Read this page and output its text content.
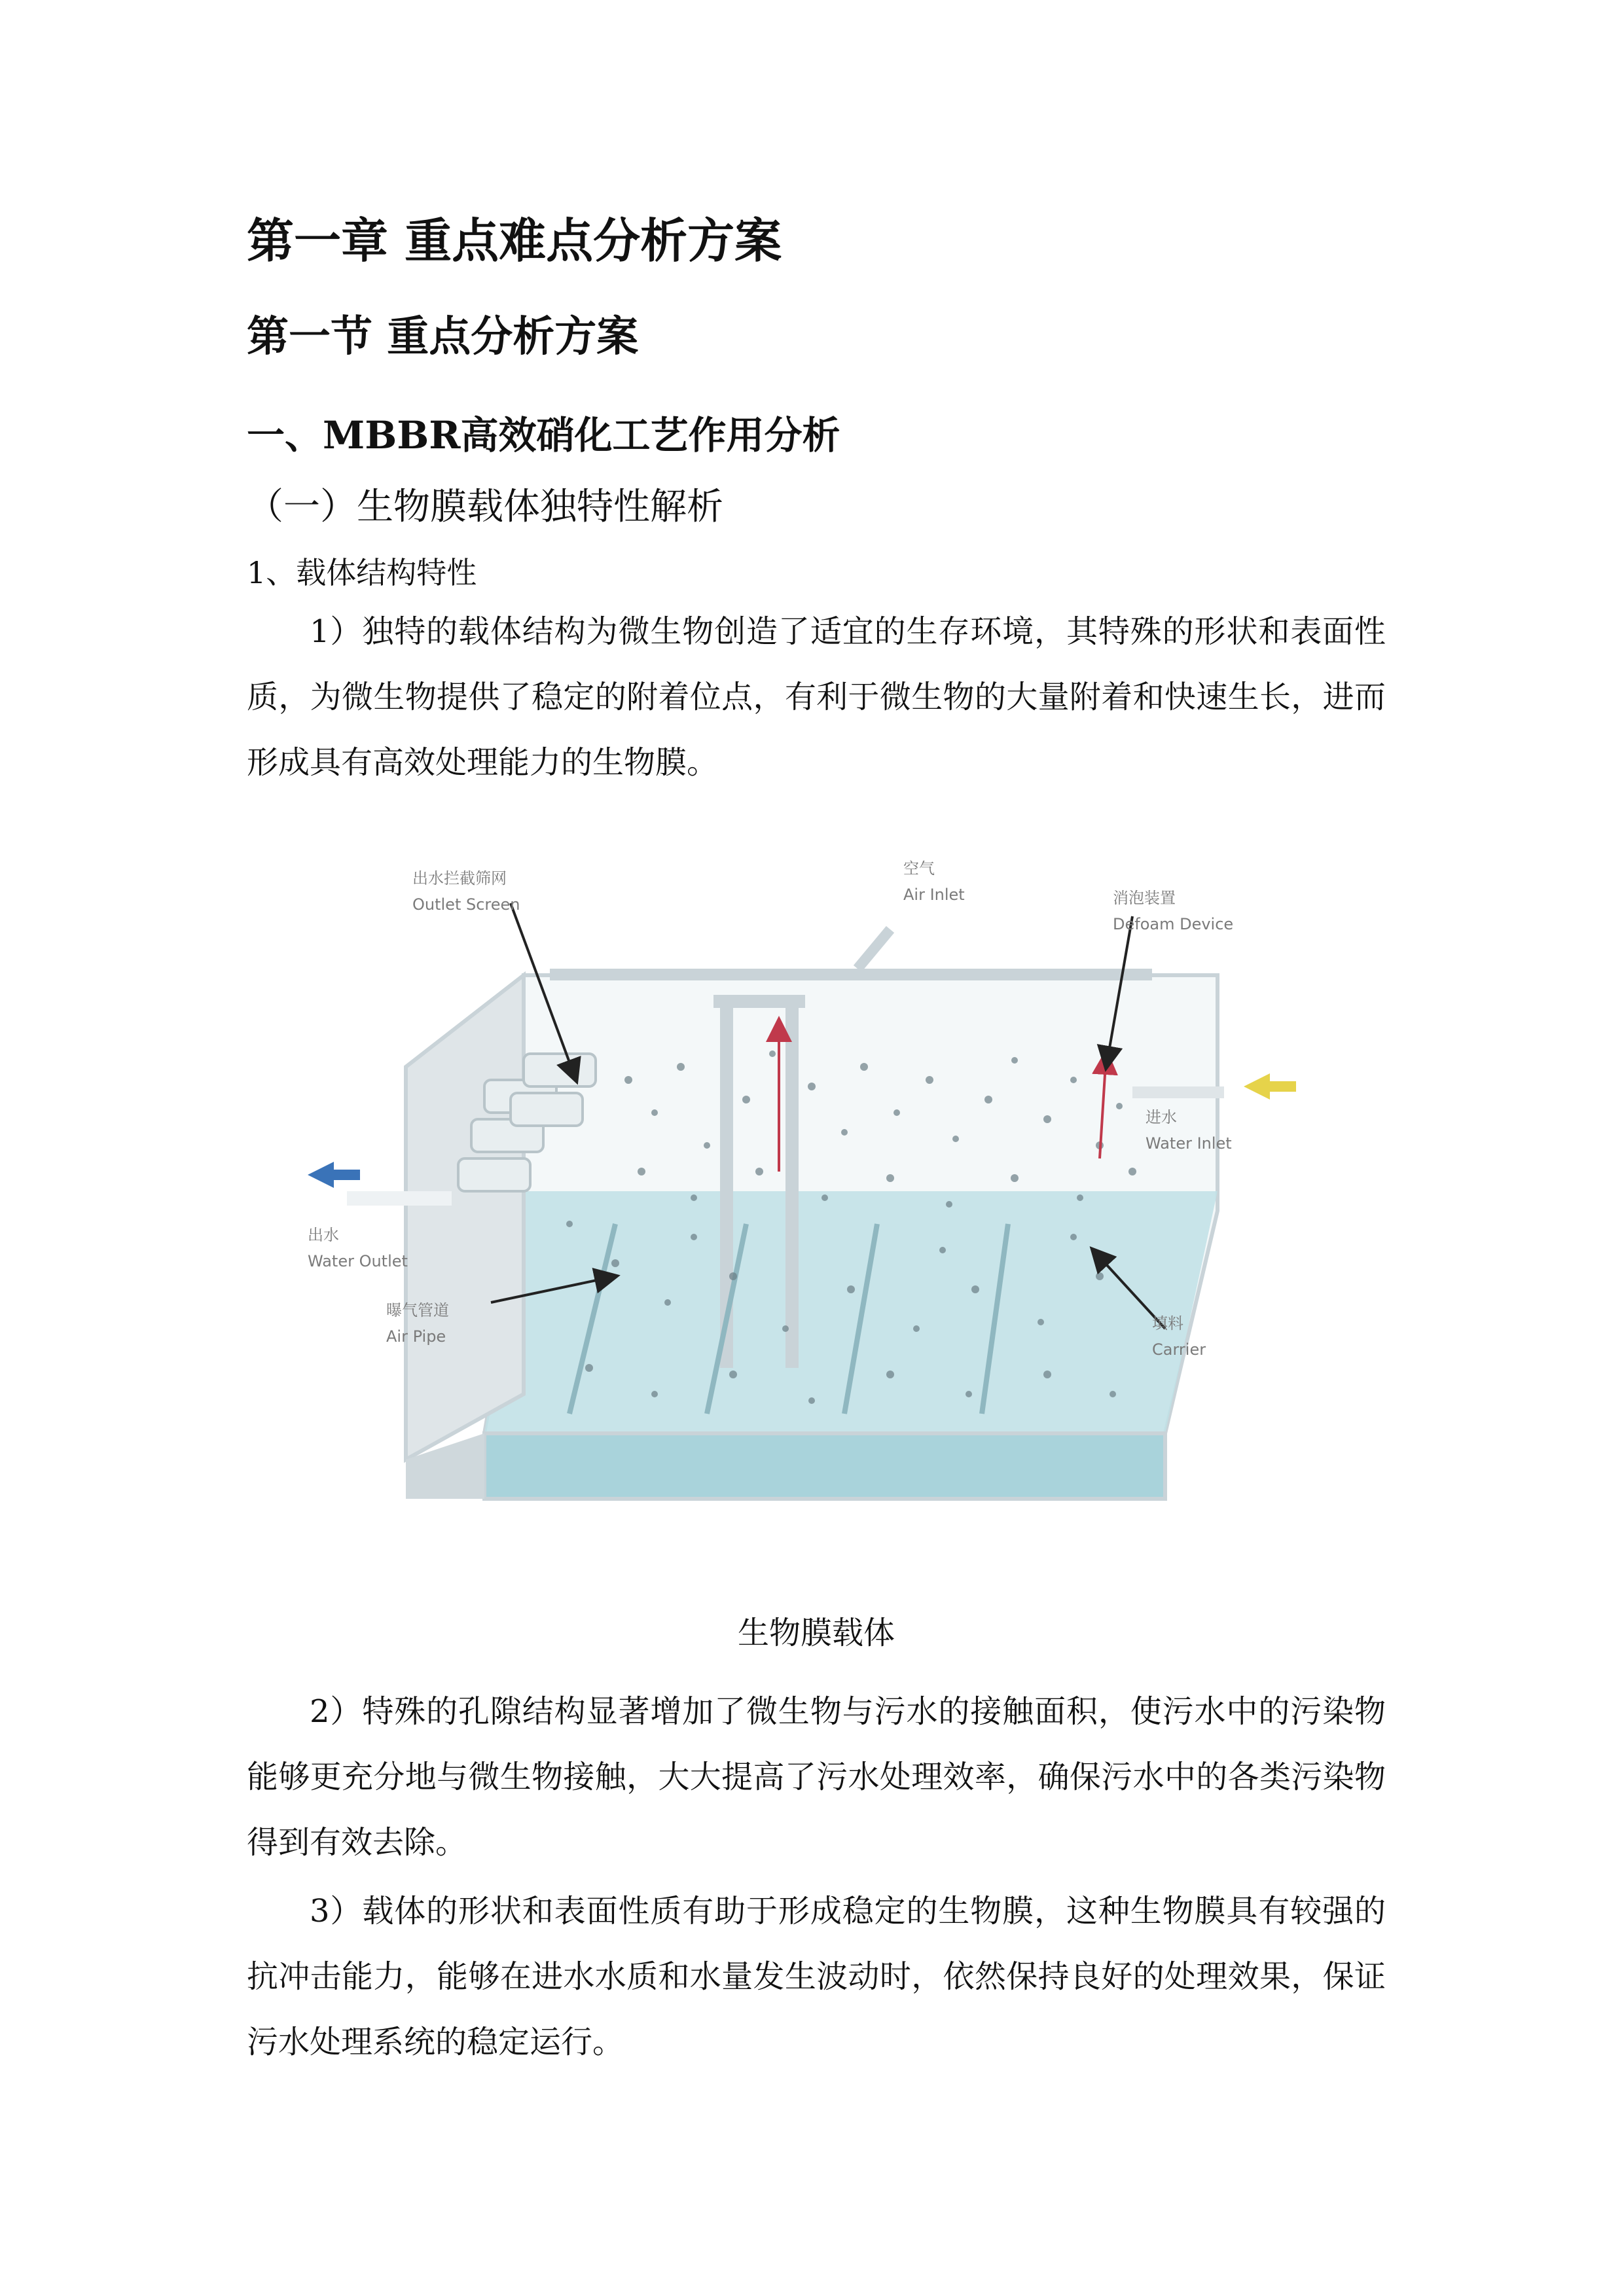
第一章 重点难点分析方案
第一节 重点分析方案
一、MBBR高效硝化工艺作用分析
（一）生物膜载体独特性解析
1、载体结构特性

1）独特的载体结构为微生物创造了适宜的生存环境，其特殊的形状和表面性质，为微生物提供了稳定的附着位点，有利于微生物的大量附着和快速生长，进而形成具有高效处理能力的生物膜。

出水拦截筛网
Outlet Screen
空气
Air Inlet	消泡装置
Defoam Device
进水
Water Inlet
出水
Water Outlet
曝气管道
Air Pipe
填料
Carrier
生物膜载体

2）特殊的孔隙结构显著增加了微生物与污水的接触面积，使污水中的污染物能够更充分地与微生物接触，大大提高了污水处理效率，确保污水中的各类污染物得到有效去除。

3）载体的形状和表面性质有助于形成稳定的生物膜，这种生物膜具有较强的抗冲击能力，能够在进水水质和水量发生波动时，依然保持良好的处理效果，保证污水处理系统的稳定运行。
